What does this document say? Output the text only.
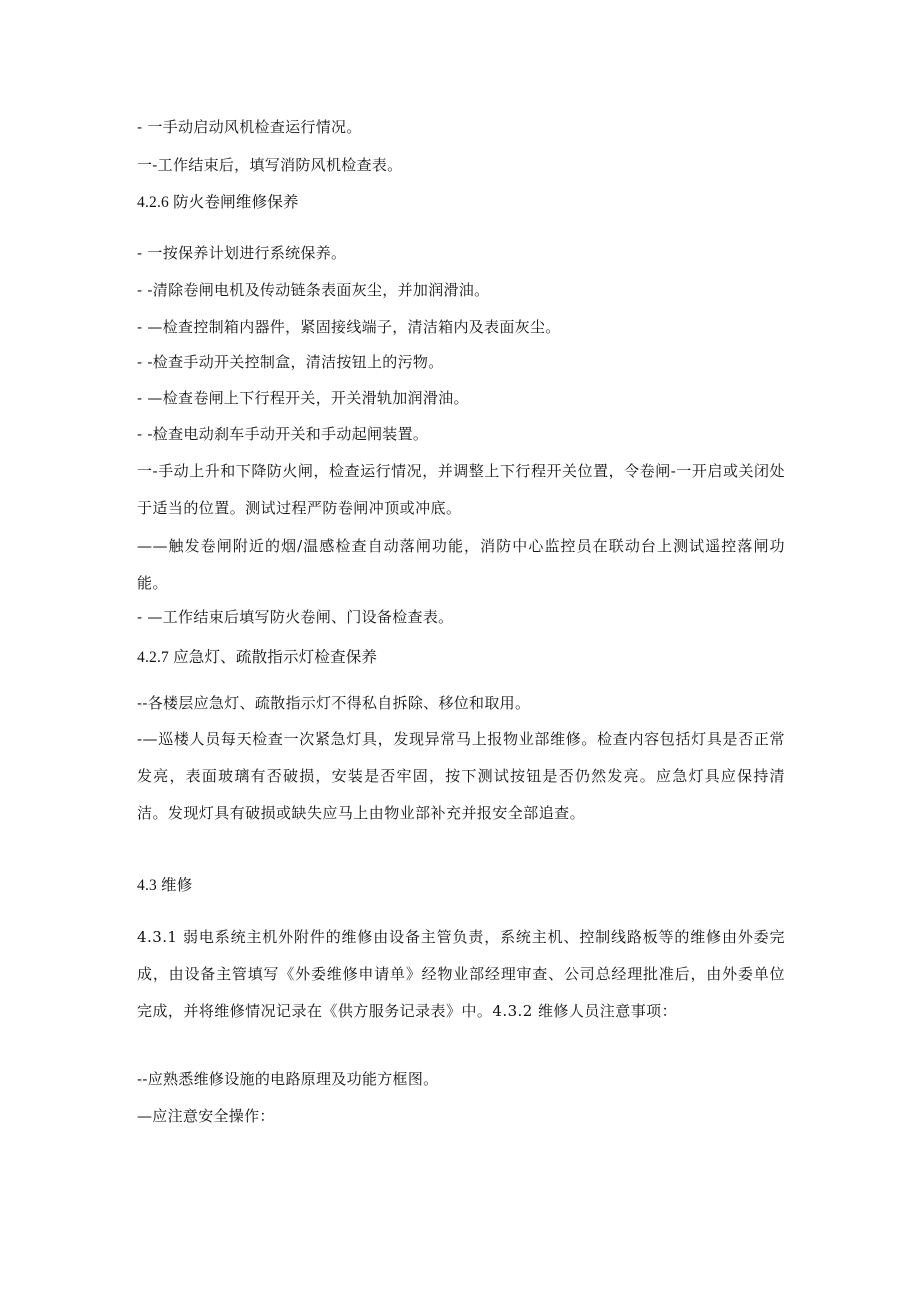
- 一手动启动风机检查运行情况。
一-工作结束后，填写消防风机检查表。
4.2.6 防火卷闸维修保养
- 一按保养计划进行系统保养。
- -清除卷闸电机及传动链条表面灰尘，并加润滑油。
- —检查控制箱内器件，紧固接线端子，清洁箱内及表面灰尘。
- -检查手动开关控制盒，清洁按钮上的污物。
- —检查卷闸上下行程开关，开关滑轨加润滑油。
- -检查电动刹车手动开关和手动起闸装置。
一-手动上升和下降防火闸，检查运行情况，并调整上下行程开关位置，令卷闸-一开启或关闭处于适当的位置。测试过程严防卷闸冲顶或冲底。
——触发卷闸附近的烟/温感检查自动落闸功能，消防中心监控员在联动台上测试遥控落闸功能。
- —工作结束后填写防火卷闸、门设备检查表。
4.2.7 应急灯、疏散指示灯检查保养
--各楼层应急灯、疏散指示灯不得私自拆除、移位和取用。
-—巡楼人员每天检查一次紧急灯具，发现异常马上报物业部维修。检查内容包括灯具是否正常发亮，表面玻璃有否破损，安装是否牢固，按下测试按钮是否仍然发亮。应急灯具应保持清洁。发现灯具有破损或缺失应马上由物业部补充并报安全部追查。
4.3 维修
4.3.1 弱电系统主机外附件的维修由设备主管负责，系统主机、控制线路板等的维修由外委完成，由设备主管填写《外委维修申请单》经物业部经理审查、公司总经理批准后，由外委单位完成，并将维修情况记录在《供方服务记录表》中。4.3.2 维修人员注意事项：
--应熟悉维修设施的电路原理及功能方框图。
—应注意安全操作：
